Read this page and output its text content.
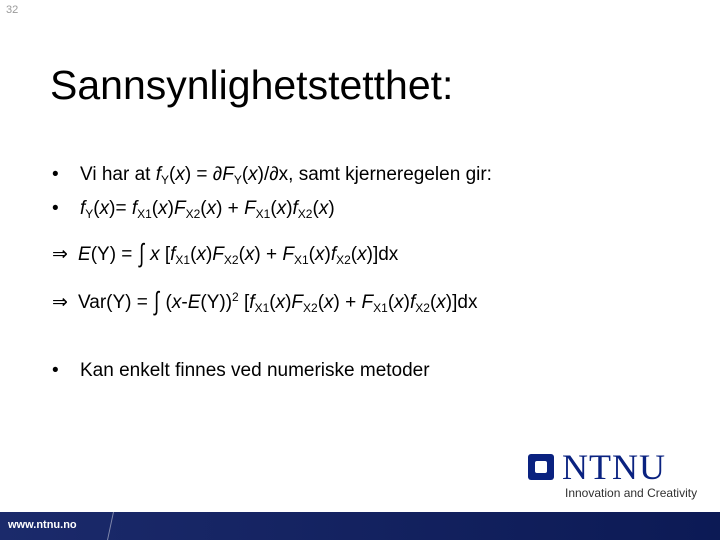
32
Sannsynlighetstetthet:
• Vi har at $f_Y(x) = \partial F_Y(x)/\partial x$, samt kjerneregelen gir:
• $f_Y(x)= f_{X1}(x)F_{X2}(x) + F_{X1}(x)f_{X2}(x)$
⇒ E(Y) = ∫ x $[f_{X1}(x)F_{X2}(x) + F_{X1}(x)f_{X2}(x)]dx$
⇒ Var(Y) = ∫ $(x-E(Y))^2$ $[f_{X1}(x)F_{X2}(x) + F_{X1}(x)f_{X2}(x)]dx$
• Kan enkelt finnes ved numeriske metoder
NTNU
Innovation and Creativity
www.ntnu.no
